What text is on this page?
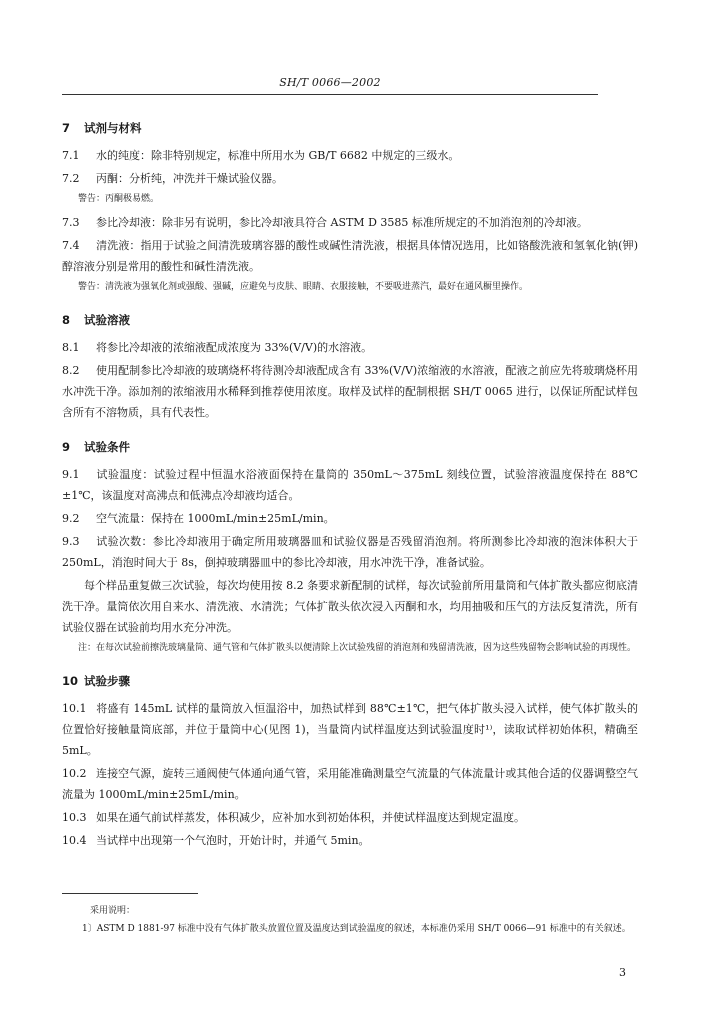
SH/T 0066—2002
7 试剂与材料

7.1 水的纯度：除非特别规定，标准中所用水为 GB/T 6682 中规定的三级水。

7.2 丙酮：分析纯，冲洗并干燥试验仪器。

警告：丙酮极易燃。

7.3 参比冷却液：除非另有说明，参比冷却液具符合 ASTM D 3585 标准所规定的不加消泡剂的冷却液。

7.4 清洗液：指用于试验之间清洗玻璃容器的酸性或碱性清洗液，根据具体情况选用，比如铬酸洗液和氢氧化钠(钾)醇溶液分别是常用的酸性和碱性清洗液。

警告：清洗液为强氧化剂或强酸、强碱，应避免与皮肤、眼睛、衣服接触，不要吸进蒸汽，最好在通风橱里操作。

8 试验溶液

8.1 将参比冷却液的浓缩液配成浓度为 33%(V/V)的水溶液。

8.2 使用配制参比冷却液的玻璃烧杯将待测冷却液配成含有 33%(V/V)浓缩液的水溶液，配液之前应先将玻璃烧杯用水冲洗干净。添加剂的浓缩液用水稀释到推荐使用浓度。取样及试样的配制根据 SH/T 0065 进行，以保证所配试样包含所有不溶物质，具有代表性。

9 试验条件

9.1 试验温度：试验过程中恒温水浴液面保持在量筒的 350mL～375mL 刻线位置，试验溶液温度保持在 88℃±1℃，该温度对高沸点和低沸点冷却液均适合。

9.2 空气流量：保持在 1000mL/min±25mL/min。

9.3 试验次数：参比冷却液用于确定所用玻璃器皿和试验仪器是否残留消泡剂。将所测参比冷却液的泡沫体积大于 250mL，消泡时间大于 8s，倒掉玻璃器皿中的参比冷却液，用水冲洗干净，准备试验。

每个样品重复做三次试验，每次均使用按 8.2 条要求新配制的试样，每次试验前所用量筒和气体扩散头都应彻底清洗干净。量筒依次用自来水、清洗液、水清洗；气体扩散头依次浸入丙酮和水，均用抽吸和压气的方法反复清洗，所有试验仪器在试验前均用水充分冲洗。

注：在每次试验前擦洗玻璃量筒、通气管和气体扩散头以便清除上次试验残留的消泡剂和残留清洗液，因为这些残留物会影响试验的再现性。

10 试验步骤

10.1 将盛有 145mL 试样的量筒放入恒温浴中，加热试样到 88℃±1℃，把气体扩散头浸入试样，使气体扩散头的位置恰好接触量筒底部，并位于量筒中心(见图 1)，当量筒内试样温度达到试验温度时¹⁾，读取试样初始体积，精确至 5mL。

10.2 连接空气源，旋转三通阀使气体通向通气管，采用能准确测量空气流量的气体流量计或其他合适的仪器调整空气流量为 1000mL/min±25mL/min。

10.3 如果在通气前试样蒸发，体积减少，应补加水到初始体积，并使试样温度达到规定温度。

10.4 当试样中出现第一个气泡时，开始计时，并通气 5min。

采用说明：
1〕ASTM D 1881-97 标准中没有气体扩散头放置位置及温度达到试验温度的叙述，本标准仍采用 SH/T 0066—91 标准中的有关叙述。
3
